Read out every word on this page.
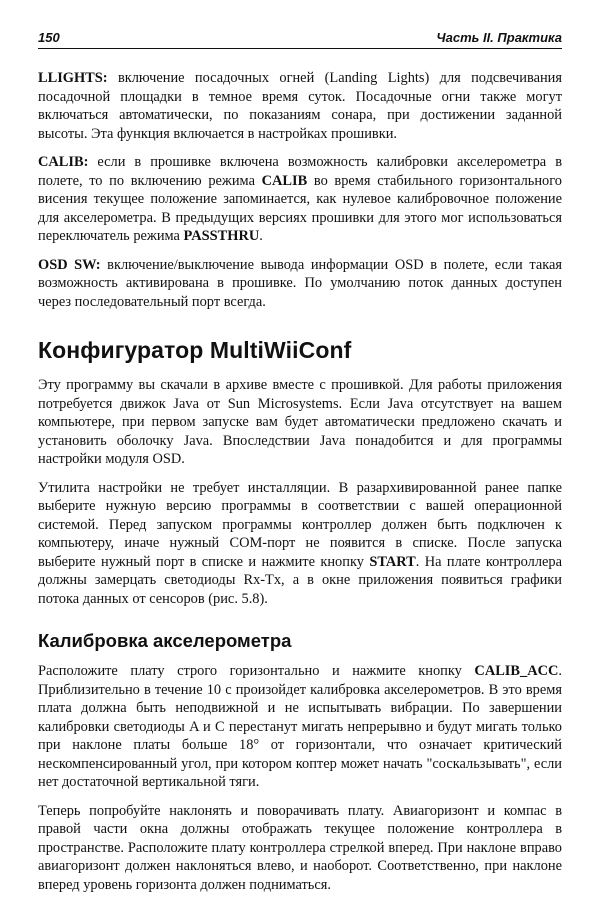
150	Часть II. Практика

LLIGHTS: включение посадочных огней (Landing Lights) для подсвечивания посадочной площадки в темное время суток. Посадочные огни также могут включаться автоматически, по показаниям сонара, при достижении заданной высоты. Эта функция включается в настройках прошивки.

CALIB: если в прошивке включена возможность калибровки акселерометра в полете, то по включению режима CALIB во время стабильного горизонтального висения текущее положение запоминается, как нулевое калибровочное положение для акселерометра. В предыдущих версиях прошивки для этого мог использоваться переключатель режима PASSTHRU.

OSD SW: включение/выключение вывода информации OSD в полете, если такая возможность активирована в прошивке. По умолчанию поток данных доступен через последовательный порт всегда.

Конфигуратор MultiWiiConf

Эту программу вы скачали в архиве вместе с прошивкой. Для работы приложения потребуется движок Java от Sun Microsystems. Если Java отсутствует на вашем компьютере, при первом запуске вам будет автоматически предложено скачать и установить оболочку Java. Впоследствии Java понадобится и для программы настройки модуля OSD.

Утилита настройки не требует инсталляции. В разархивированной ранее папке выберите нужную версию программы в соответствии с вашей операционной системой. Перед запуском программы контроллер должен быть подключен к компьютеру, иначе нужный COM-порт не появится в списке. После запуска выберите нужный порт в списке и нажмите кнопку START. На плате контроллера должны замерцать светодиоды Rx-Tx, а в окне приложения появиться графики потока данных от сенсоров (рис. 5.8).

Калибровка акселерометра

Расположите плату строго горизонтально и нажмите кнопку CALIB_ACC. Приблизительно в течение 10 с произойдет калибровка акселерометров. В это время плата должна быть неподвижной и не испытывать вибрации. По завершении калибровки светодиоды A и C перестанут мигать непрерывно и будут мигать только при наклоне платы больше 18° от горизонтали, что означает критический нескомпенсированный угол, при котором коптер может начать "соскальзывать", если нет достаточной вертикальной тяги.

Теперь попробуйте наклонять и поворачивать плату. Авиагоризонт и компас в правой части окна должны отображать текущее положение контроллера в пространстве. Расположите плату контроллера стрелкой вперед. При наклоне вправо авиагоризонт должен наклоняться влево, и наоборот. Соответственно, при наклоне вперед уровень горизонта должен подниматься.
